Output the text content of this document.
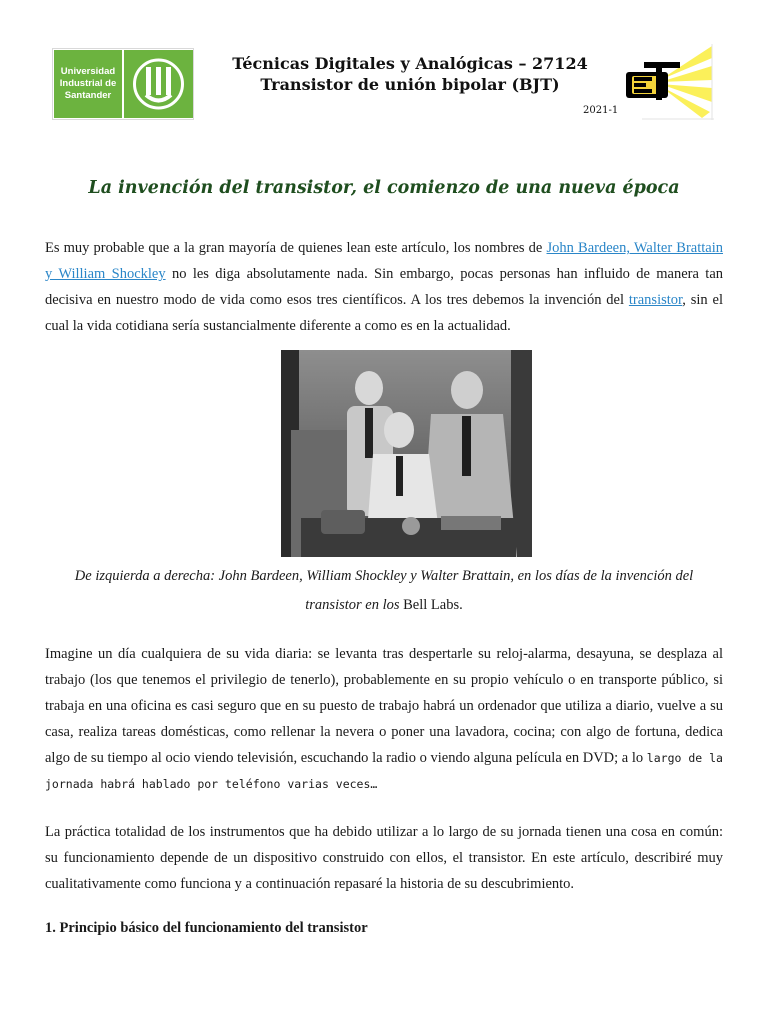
Universidad Industrial de Santander
Técnicas Digitales y Analógicas – 27124
Transistor de unión bipolar (BJT)
2021-1
La invención del transistor, el comienzo de una nueva época
Es muy probable que a la gran mayoría de quienes lean este artículo, los nombres de John Bardeen, Walter Brattain y William Shockley no les diga absolutamente nada. Sin embargo, pocas personas han influido de manera tan decisiva en nuestro modo de vida como esos tres científicos. A los tres debemos la invención del transistor, sin el cual la vida cotidiana sería sustancialmente diferente a como es en la actualidad.
De izquierda a derecha: John Bardeen, William Shockley y Walter Brattain, en los días de la invención del transistor en los Bell Labs.
Imagine un día cualquiera de su vida diaria: se levanta tras despertarle su reloj-alarma, desayuna, se desplaza al trabajo (los que tenemos el privilegio de tenerlo), probablemente en su propio vehículo o en transporte público, si trabaja en una oficina es casi seguro que en su puesto de trabajo habrá un ordenador que utiliza a diario, vuelve a su casa, realiza tareas domésticas, como rellenar la nevera o poner una lavadora, cocina; con algo de fortuna, dedica algo de su tiempo al ocio viendo televisión, escuchando la radio o viendo alguna película en DVD; a lo largo de la jornada habrá hablado por teléfono varias veces…
La práctica totalidad de los instrumentos que ha debido utilizar a lo largo de su jornada tienen una cosa en común: su funcionamiento depende de un dispositivo construido con ellos, el transistor. En este artículo, describiré muy cualitativamente como funciona y a continuación repasaré la historia de su descubrimiento.
1. Principio básico del funcionamiento del transistor
